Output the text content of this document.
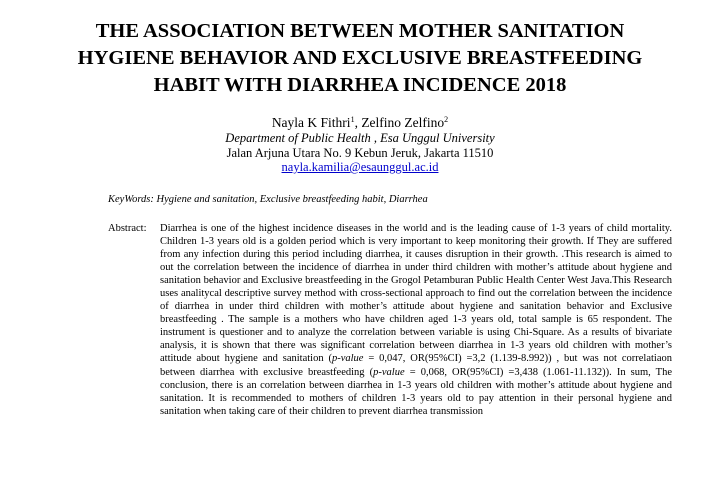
THE ASSOCIATION BETWEEN MOTHER SANITATION
HYGIENE BEHAVIOR AND EXCLUSIVE BREASTFEEDING
HABIT WITH DIARRHEA INCIDENCE 2018
Nayla K Fithri$^1$, Zelfino Zelfino$^2$
Department of Public Health , Esa Unggul University
Jalan Arjuna Utara No. 9 Kebun Jeruk, Jakarta 11510
nayla.kamilia@esaunggul.ac.id
KeyWords: Hygiene and sanitation, Exclusive breastfeeding habit, Diarrhea
Abstract: Diarrhea is one of the highest incidence diseases in the world and is the leading cause of 1-3 years of child mortality. Children 1-3 years old is a golden period which is very important to keep monitoring their growth. If They are suffered from any infection during this period including diarrhea, it causes disruption in their growth. .This research is aimed to out the correlation between the incidence of diarrhea in under third children with mother’s attitude about hygiene and sanitation behavior and Exclusive breastfeeding in the Grogol Petamburan Public Health Center West Java.This Research uses analitycal descriptive survey method with cross-sectional approach to find out the correlation between the incidence of diarrhea in under third children with mother’s attitude about hygiene and sanitation behavior and Exclusive breastfeeding . The sample is a mothers who have children aged 1-3 years old, total sample is 65 respondent. The instrument is questioner and to analyze the correlation between variable is using Chi-Square. As a results of bivariate analysis, it is shown that there was significant correlation between diarrhea in 1-3 years old children with mother’s attitude about hygiene and sanitation (p-value = 0,047, OR(95%CI) =3,2 (1.139-8.992)) , but was not correlatiaon between diarrhea with exclusive breastfeeding (p-value = 0,068, OR(95%CI) =3,438 (1.061-11.132)). In sum, The conclusion, there is an correlation between diarrhea in 1-3 years old children with mother’s attitude about hygiene and sanitation. It is recommended to mothers of children 1-3 years old to pay attention in their personal hygiene and sanitation when taking care of their children to prevent diarrhea transmission
